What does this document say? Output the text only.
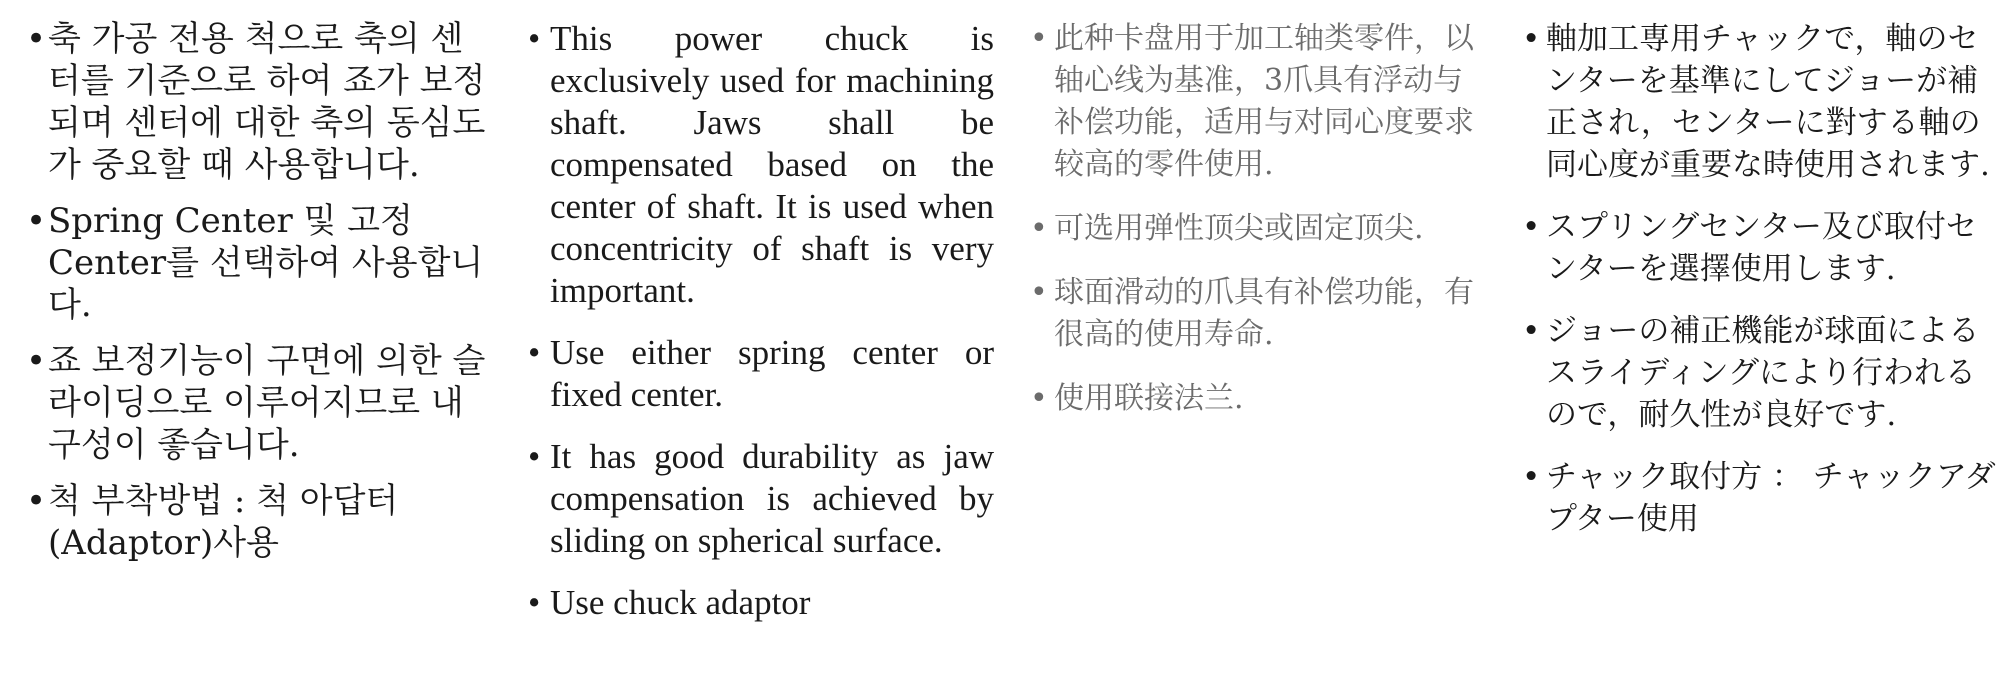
• 축 가공 전용 척으로 축의 센터를 기준으로 하여 죠가 보정되며 센터에 대한 축의 동심도가 중요할 때 사용합니다.
• Spring Center 및 고정 Center를 선택하여 사용합니다.
• 죠 보정기능이 구면에 의한 슬라이딩으로 이루어지므로 내구성이 좋습니다.
• 척 부착방법 : 척 아답터(Adaptor)사용
• This power chuck is exclusively used for machining shaft. Jaws shall be compensated based on the center of shaft. It is used when concentricity of shaft is very important.
• Use either spring center or fixed center.
• It has good durability as jaw compensation is achieved by sliding on spherical surface.
• Use chuck adaptor
• 此种卡盘用于加工轴类零件，以轴心线为基准，3爪具有浮动与补偿功能，适用与对同心度要求较高的零件使用.
• 可选用弹性顶尖或固定顶尖.
• 球面滑动的爪具有补偿功能，有很高的使用寿命.
• 使用联接法兰.
• 軸加工専用チャックで，軸のセンターを基準にしてジョーが補正され，センターに對する軸の同心度が重要な時使用されます.
• スプリングセンター及び取付センターを選擇使用します.
• ジョーの補正機能が球面によるスライディングにより行われるので，耐久性が良好です.
• チャック取付方 ： チャックアダプター使用
